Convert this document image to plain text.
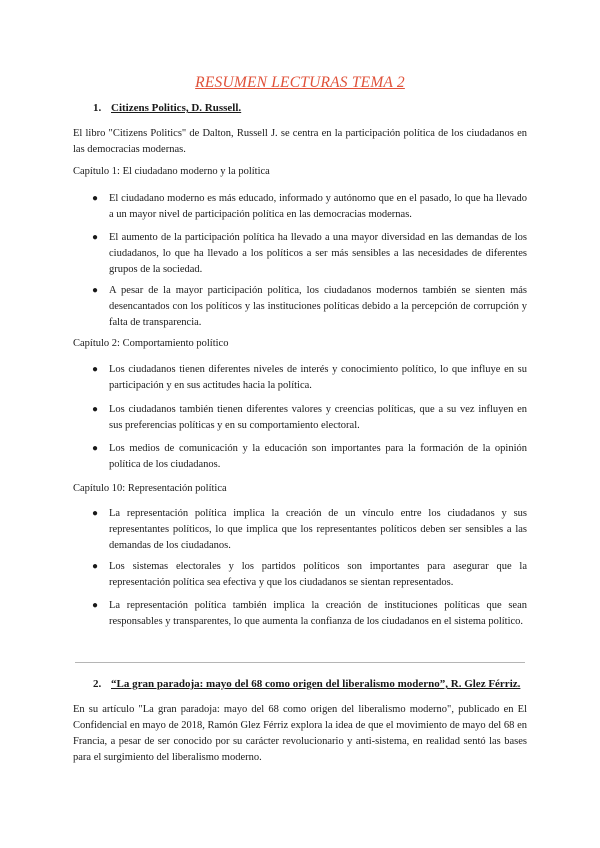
RESUMEN LECTURAS TEMA 2
1. Citizens Politics, D. Russell.
El libro "Citizens Politics" de Dalton, Russell J. se centra en la participación política de los ciudadanos en las democracias modernas.
Capítulo 1: El ciudadano moderno y la política
● El ciudadano moderno es más educado, informado y autónomo que en el pasado, lo que ha llevado a un mayor nivel de participación política en las democracias modernas.
● El aumento de la participación política ha llevado a una mayor diversidad en las demandas de los ciudadanos, lo que ha llevado a los políticos a ser más sensibles a las necesidades de diferentes grupos de la sociedad.
● A pesar de la mayor participación política, los ciudadanos modernos también se sienten más desencantados con los políticos y las instituciones políticas debido a la percepción de corrupción y falta de transparencia.
Capítulo 2: Comportamiento político
● Los ciudadanos tienen diferentes niveles de interés y conocimiento político, lo que influye en su participación y en sus actitudes hacia la política.
● Los ciudadanos también tienen diferentes valores y creencias políticas, que a su vez influyen en sus preferencias políticas y en su comportamiento electoral.
● Los medios de comunicación y la educación son importantes para la formación de la opinión política de los ciudadanos.
Capítulo 10: Representación política
● La representación política implica la creación de un vínculo entre los ciudadanos y sus representantes políticos, lo que implica que los representantes políticos deben ser sensibles a las demandas de los ciudadanos.
● Los sistemas electorales y los partidos políticos son importantes para asegurar que la representación política sea efectiva y que los ciudadanos se sientan representados.
● La representación política también implica la creación de instituciones políticas que sean responsables y transparentes, lo que aumenta la confianza de los ciudadanos en el sistema político.
2. “La gran paradoja: mayo del 68 como origen del liberalismo moderno”, R. Glez Férriz.
En su artículo "La gran paradoja: mayo del 68 como origen del liberalismo moderno", publicado en El Confidencial en mayo de 2018, Ramón Glez Férriz explora la idea de que el movimiento de mayo del 68 en Francia, a pesar de ser conocido por su carácter revolucionario y anti-sistema, en realidad sentó las bases para el surgimiento del liberalismo moderno.
